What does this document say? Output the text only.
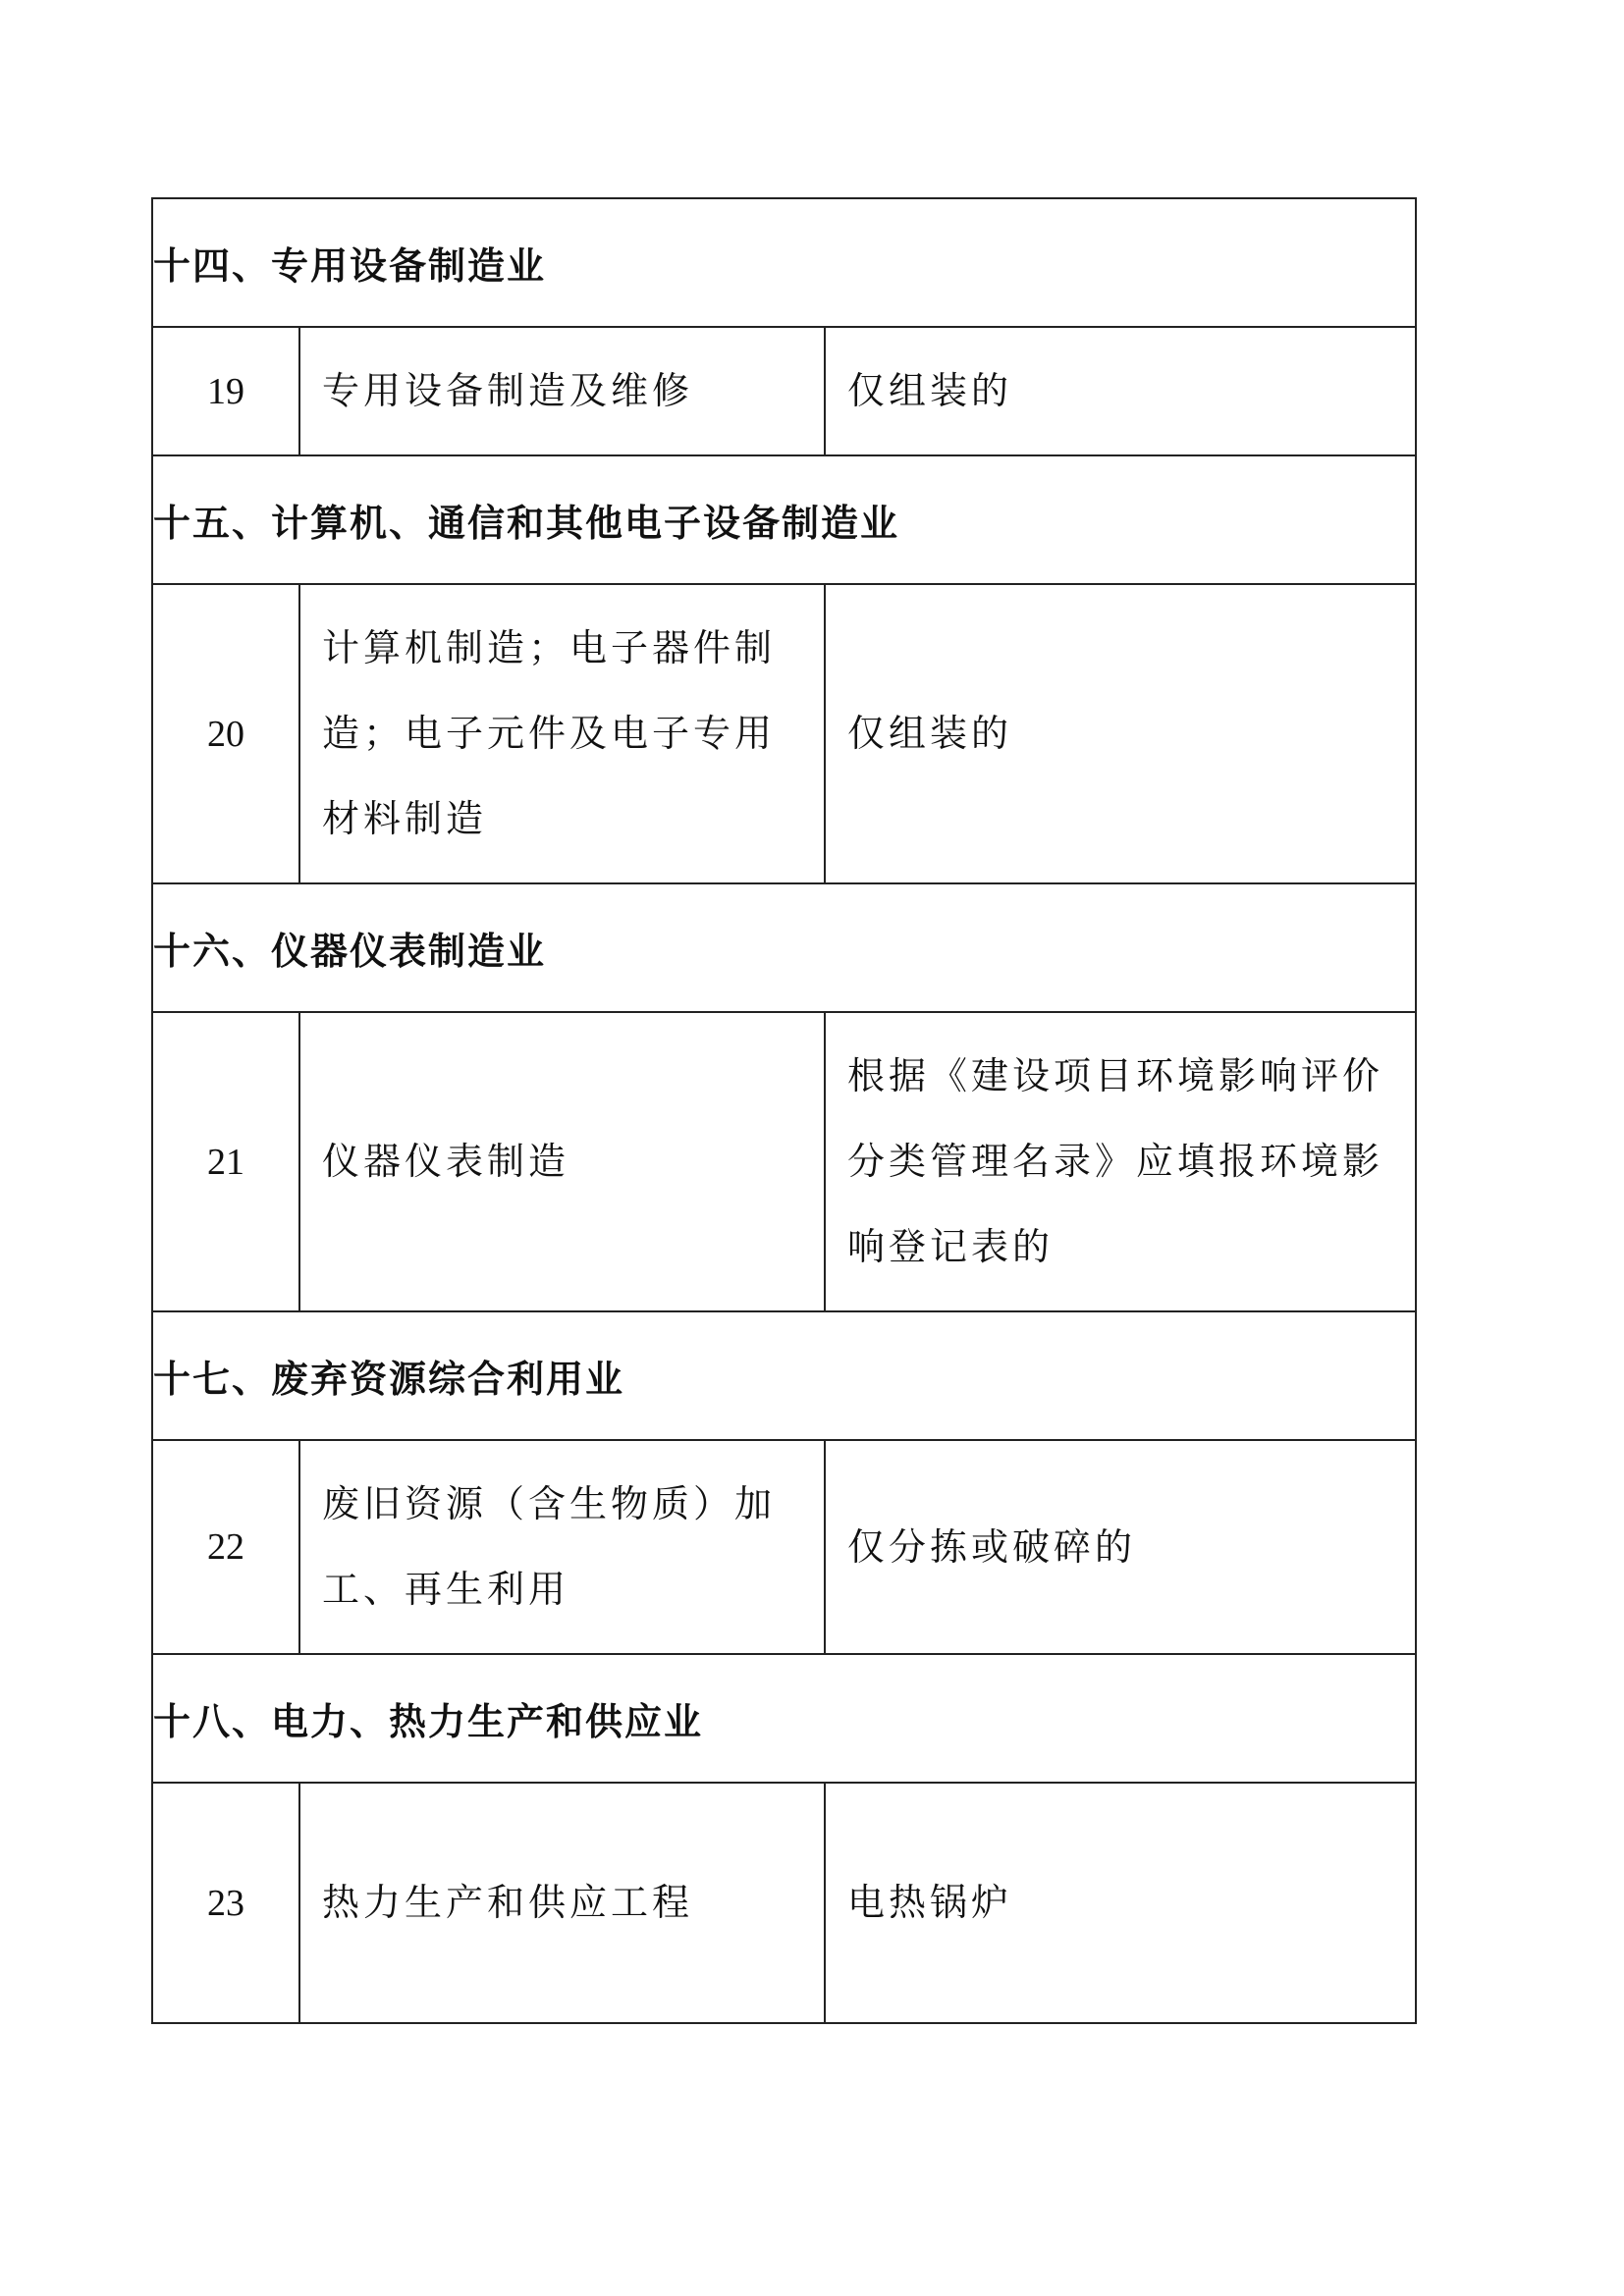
十四、专用设备制造业		
19	专用设备制造及维修	仅组装的
十五、计算机、通信和其他电子设备制造业		
20	计算机制造；电子器件制造；电子元件及电子专用材料制造	仅组装的
十六、仪器仪表制造业		
21	仪器仪表制造	根据《建设项目环境影响评价分类管理名录》应填报环境影响登记表的
十七、废弃资源综合利用业		
22	废旧资源（含生物质）加工、再生利用	仅分拣或破碎的
十八、电力、热力生产和供应业		
23	热力生产和供应工程	电热锅炉
